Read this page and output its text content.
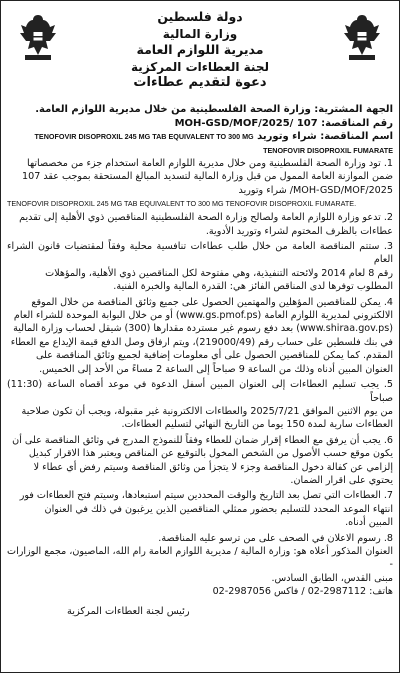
دولة فلسطين
وزارة المالية
مديرية اللوازم العامة
لجنة العطاءات المركزية
دعوة لتقديم عطاءات
الجهة المشترية: وزارة الصحة الفلسطينية من خلال مديرية اللوازم العامة.
رقم المناقصة: 107 /MOH-GSD/MOF/2025
اسم المناقصة: شراء وتوريد TENOFOVIR DISOPROXIL 245 MG TAB EQUIVALENT TO 300 MG TENOFOVIR DISOPROXIL FUMARATE
1. تود وزارة الصحة الفلسطينية ومن خلال مديرية اللوازم العامة استخدام جزء من مخصصاتها
ضمن الموازنة العامة الممول من قبل وزارة المالية لتسديد المبالغ المستحقة بموجب عقد 107
MOH-GSD/MOF/2025/ شراء وتوريد
TENOFOVIR DISOPROXIL 245 MG TAB EQUIVALENT TO 300 MG TENOFOVIR DISOPROXIL FUMARATE.
2. تدعو وزارة اللوازم العامة ولصالح وزارة الصحة الفلسطينية المناقصين ذوي الأهلية إلى تقديم
عطاءات بالظرف المختوم لشراء وتوريد الأدوية.
3. ستتم المناقصة العامة من خلال طلب عطاءات تنافسية محلية وفقاً لمقتضيات قانون الشراء العام
رقم 8 لعام 2014 ولائحته التنفيذية، وهي مفتوحة لكل المناقصين ذوي الأهلية، والمؤهلات
المطلوب توفرها لدى المناقص الفائز هي: القدرة المالية والخبرة الفنية.
4. يمكن للمناقصين المؤهلين والمهتمين الحصول على جميع وثائق المناقصة من خلال الموقع
الالكتروني لمديرية اللوازم العامة (www.gs.pmof.ps) أو من خلال البوابة الموحدة للشراء العام
(www.shiraa.gov.ps) بعد دفع رسوم غير مستردة مقدارها (300) شيقل لحساب وزارة المالية
في بنك فلسطين على حساب رقم (219000/49)، ويتم ارفاق وصل الدفع قيمة الإيداع مع العطاء
المقدم. كما يمكن للمناقصين الحصول على أي معلومات إضافية لجميع وثائق المناقصة على
العنوان المبين أدناه وذلك من الساعة 9 صباحاً إلى الساعة 2 مساءً من الأحد إلى الخميس.
5. يجب تسليم العطاءات إلى العنوان المبين أسفل الدعوة في موعد أقصاه الساعة (11:30) صباحاً
من يوم الاثنين الموافق 2025/7/21 والعطاءات الالكترونية غير مقبولة، ويجب أن تكون صلاحية
العطاءات سارية لمدة 150 يوما من التاريخ النهائي لتسليم العطاءات.
6. يجب أن يرفق مع العطاء إقرار ضمان للعطاء وفقاً للنموذج المدرج في وثائق المناقصة على أن
يكون موقع حسب الأصول من الشخص المخول بالتوقيع عن المناقص ويعتبر هذا الاقرار كبديل
إلزامي عن كفالة دخول المناقصة وجزء لا يتجزأ من وثائق المناقصة وسيتم رفض أي عطاء لا
يحتوي على اقرار الضمان.
7. العطاءات التي تصل بعد التاريخ والوقت المحددين سيتم استبعادها، وسيتم فتح العطاءات فور
انتهاء الموعد المحدد للتسليم بحضور ممثلي المناقصين الذين يرغبون في ذلك في العنوان
المبين أدناه.
8. رسوم الاعلان في الصحف على من ترسو عليه المناقصة.
العنوان المذكور أعلاه هو: وزارة المالية / مديرية اللوازم العامة رام الله، الماصيون، مجمع الوزارات -
مبنى القدس، الطابق السادس.
هاتف: 2987112-02 / فاكس 2987056-02
رئيس لجنة العطاءات المركزية
